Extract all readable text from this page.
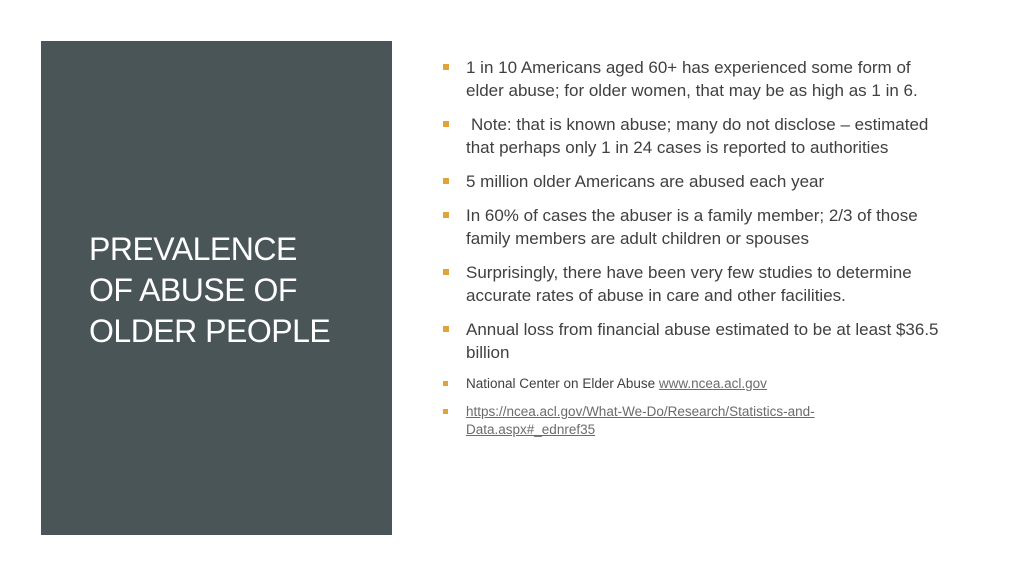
PREVALENCE
OF ABUSE OF
OLDER PEOPLE
1 in 10 Americans aged 60+ has experienced some form of elder abuse; for older women, that may be as high as 1 in 6.
Note: that is known abuse; many do not disclose – estimated that perhaps only 1 in 24 cases is reported to authorities
5 million older Americans are abused each year
In 60% of cases the abuser is a family member; 2/3 of those family members are adult children or spouses
Surprisingly, there have been very few studies to determine accurate rates of abuse in care and other facilities.
Annual loss from financial abuse estimated to be at least $36.5 billion
National Center on Elder Abuse www.ncea.acl.gov
https://ncea.acl.gov/What-We-Do/Research/Statistics-and-Data.aspx#_ednref35
